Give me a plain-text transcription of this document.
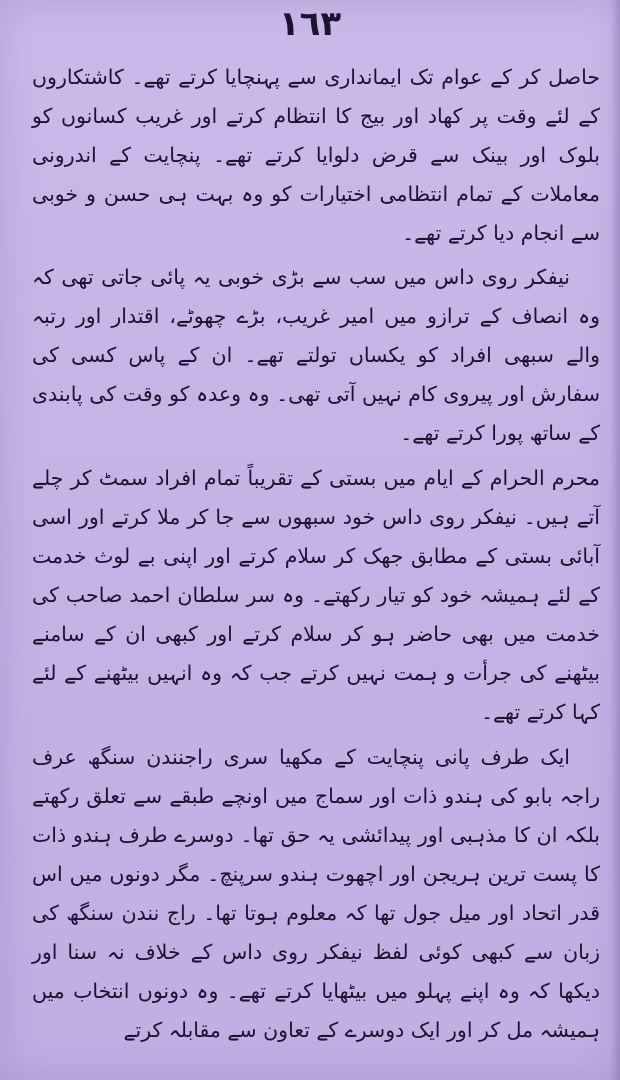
١٦٣

حاصل کر کے عوام تک ایمانداری سے پہنچایا کرتے تھے۔ کاشتکاروں کے لئے وقت پر کھاد اور بیج کا انتظام کرتے اور غریب کسانوں کو بلوک اور بینک سے قرض دلوایا کرتے تھے۔ پنچایت کے اندرونی معاملات کے تمام انتظامی اختیارات کو وہ بہت ہی حسن و خوبی سے انجام دیا کرتے تھے۔

نیفکر روی داس میں سب سے بڑی خوبی یہ پائی جاتی تھی کہ وہ انصاف کے ترازو میں امیر غریب، بڑے چھوٹے، اقتدار اور رتبہ والے سبھی افراد کو یکساں تولتے تھے۔ ان کے پاس کسی کی سفارش اور پیروی کام نہیں آتی تھی۔ وہ وعدہ کو وقت کی پابندی کے ساتھ پورا کرتے تھے۔

محرم الحرام کے ایام میں بستی کے تقریباً تمام افراد سمٹ کر چلے آتے ہیں۔ نیفکر روی داس خود سبھوں سے جا کر ملا کرتے اور اسی آبائی بستی کے مطابق جھک کر سلام کرتے اور اپنی بے لوث خدمت کے لئے ہمیشہ خود کو تیار رکھتے۔ وہ سر سلطان احمد صاحب کی خدمت میں بھی حاضر ہو کر سلام کرتے اور کبھی ان کے سامنے بیٹھنے کی جرأت و ہمت نہیں کرتے جب کہ وہ انہیں بیٹھنے کے لئے کہا کرتے تھے۔

ایک طرف پانی پنچایت کے مکھیا سری راجنندن سنگھ عرف راجہ بابو کی ہندو ذات اور سماج میں اونچے طبقے سے تعلق رکھتے بلکہ ان کا مذہبی اور پیدائشی یہ حق تھا۔ دوسرے طرف ہندو ذات کا پست ترین ہریجن اور اچھوت ہندو سرپنچ۔ مگر دونوں میں اس قدر اتحاد اور میل جول تھا کہ معلوم ہوتا تھا۔ راج نندن سنگھ کی زبان سے کبھی کوئی لفظ نیفکر روی داس کے خلاف نہ سنا اور دیکھا کہ وہ اپنے پہلو میں بیٹھایا کرتے تھے۔ وہ دونوں انتخاب میں ہمیشہ مل کر اور ایک دوسرے کے تعاون سے مقابلہ کرتے
